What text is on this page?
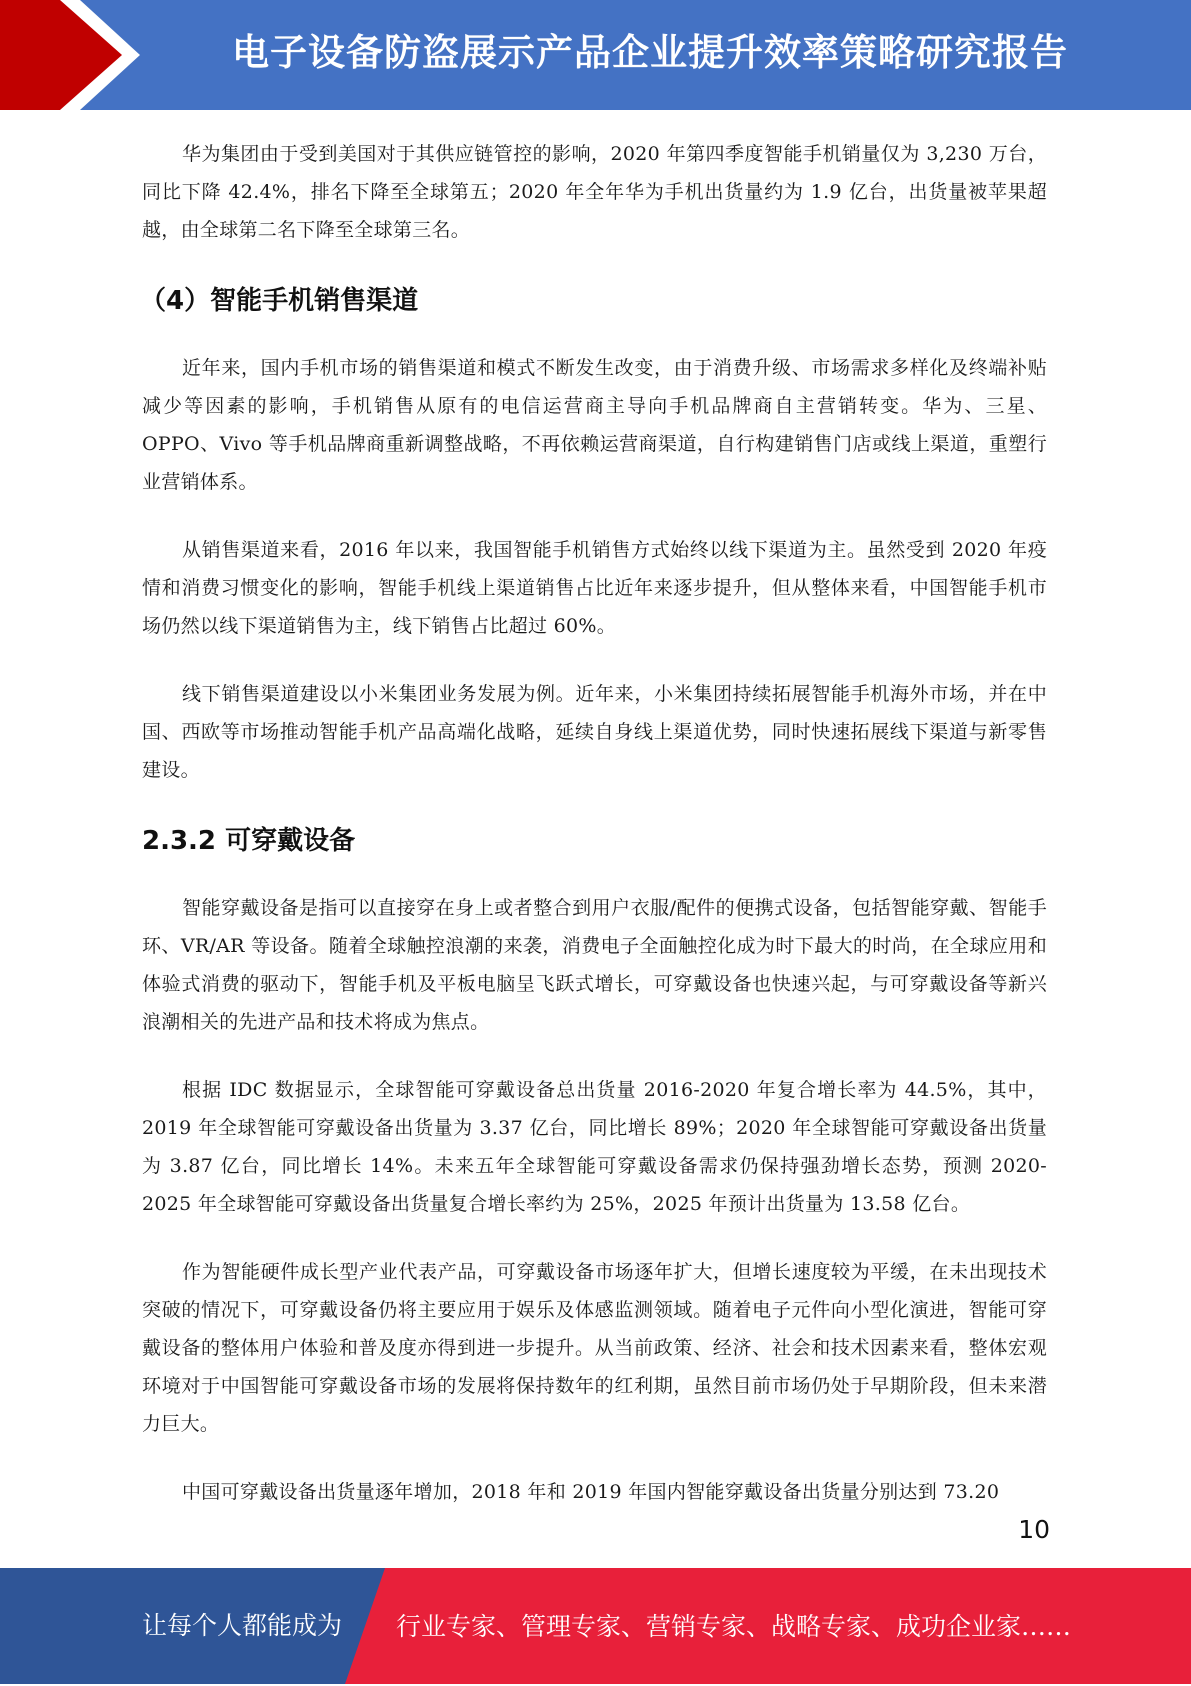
电子设备防盗展示产品企业提升效率策略研究报告

华为集团由于受到美国对于其供应链管控的影响，2020 年第四季度智能手机销量仅为 3,230 万台，同比下降 42.4%，排名下降至全球第五；2020 年全年华为手机出货量约为 1.9 亿台，出货量被苹果超越，由全球第二名下降至全球第三名。

（4）智能手机销售渠道

近年来，国内手机市场的销售渠道和模式不断发生改变，由于消费升级、市场需求多样化及终端补贴减少等因素的影响，手机销售从原有的电信运营商主导向手机品牌商自主营销转变。华为、三星、OPPO、Vivo 等手机品牌商重新调整战略，不再依赖运营商渠道，自行构建销售门店或线上渠道，重塑行业营销体系。

从销售渠道来看，2016 年以来，我国智能手机销售方式始终以线下渠道为主。虽然受到 2020 年疫情和消费习惯变化的影响，智能手机线上渠道销售占比近年来逐步提升，但从整体来看，中国智能手机市场仍然以线下渠道销售为主，线下销售占比超过 60%。

线下销售渠道建设以小米集团业务发展为例。近年来，小米集团持续拓展智能手机海外市场，并在中国、西欧等市场推动智能手机产品高端化战略，延续自身线上渠道优势，同时快速拓展线下渠道与新零售建设。

2.3.2 可穿戴设备

智能穿戴设备是指可以直接穿在身上或者整合到用户衣服/配件的便携式设备，包括智能穿戴、智能手环、VR/AR 等设备。随着全球触控浪潮的来袭，消费电子全面触控化成为时下最大的时尚，在全球应用和体验式消费的驱动下，智能手机及平板电脑呈飞跃式增长，可穿戴设备也快速兴起，与可穿戴设备等新兴浪潮相关的先进产品和技术将成为焦点。

根据 IDC 数据显示，全球智能可穿戴设备总出货量 2016-2020 年复合增长率为 44.5%，其中，2019 年全球智能可穿戴设备出货量为 3.37 亿台，同比增长 89%；2020 年全球智能可穿戴设备出货量为 3.87 亿台，同比增长 14%。未来五年全球智能可穿戴设备需求仍保持强劲增长态势，预测 2020-2025 年全球智能可穿戴设备出货量复合增长率约为 25%，2025 年预计出货量为 13.58 亿台。

作为智能硬件成长型产业代表产品，可穿戴设备市场逐年扩大，但增长速度较为平缓，在未出现技术突破的情况下，可穿戴设备仍将主要应用于娱乐及体感监测领域。随着电子元件向小型化演进，智能可穿戴设备的整体用户体验和普及度亦得到进一步提升。从当前政策、经济、社会和技术因素来看，整体宏观环境对于中国智能可穿戴设备市场的发展将保持数年的红利期，虽然目前市场仍处于早期阶段，但未来潜力巨大。

中国可穿戴设备出货量逐年增加，2018 年和 2019 年国内智能穿戴设备出货量分别达到 73.20

10
让每个人都能成为 行业专家、管理专家、营销专家、战略专家、成功企业家……
